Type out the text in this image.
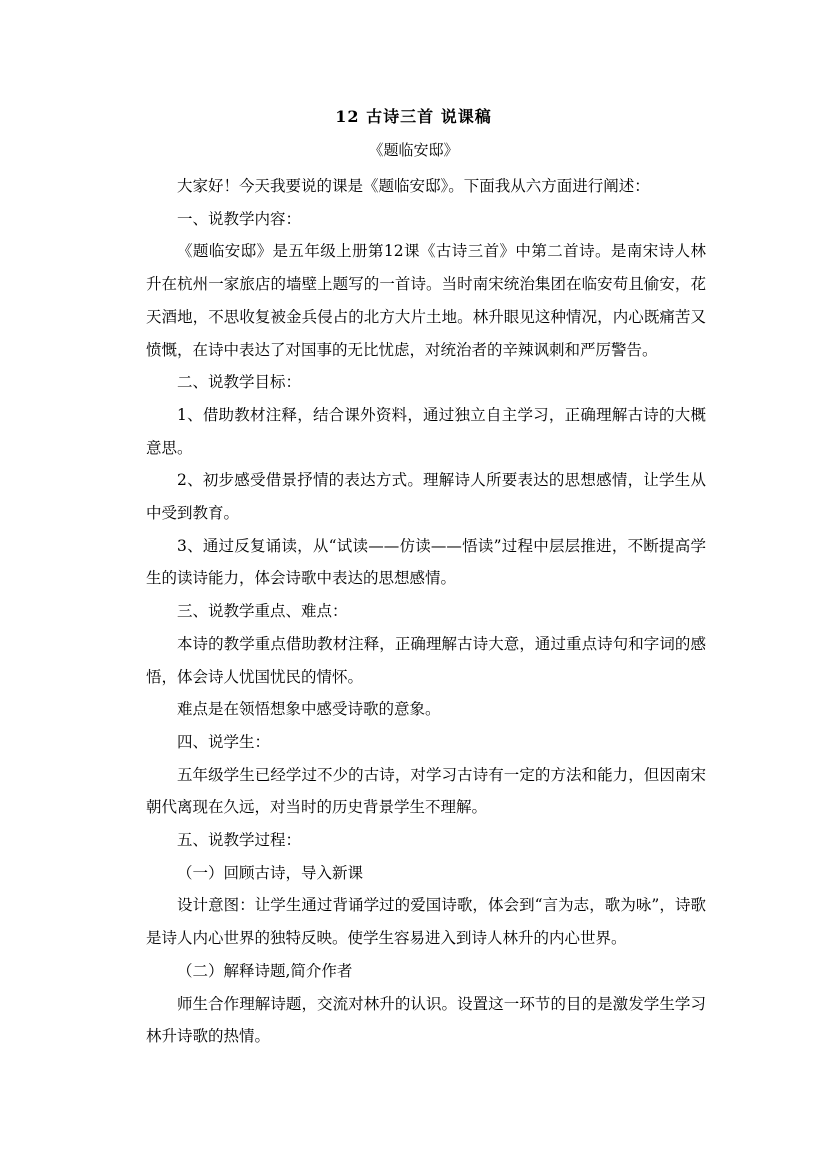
12 古诗三首 说课稿
《题临安邸》

大家好！今天我要说的课是《题临安邸》。下面我从六方面进行阐述：

一、说教学内容：

《题临安邸》是五年级上册第12课《古诗三首》中第二首诗。是南宋诗人林升在杭州一家旅店的墙壁上题写的一首诗。当时南宋统治集团在临安苟且偷安，花天酒地，不思收复被金兵侵占的北方大片土地。林升眼见这种情况，内心既痛苦又愤慨，在诗中表达了对国事的无比忧虑，对统治者的辛辣讽刺和严厉警告。

二、说教学目标：

1、借助教材注释，结合课外资料，通过独立自主学习，正确理解古诗的大概意思。

2、初步感受借景抒情的表达方式。理解诗人所要表达的思想感情，让学生从中受到教育。

3、通过反复诵读，从“试读——仿读——悟读”过程中层层推进，不断提高学生的读诗能力，体会诗歌中表达的思想感情。

三、说教学重点、难点：

本诗的教学重点借助教材注释，正确理解古诗大意，通过重点诗句和字词的感悟，体会诗人忧国忧民的情怀。

难点是在领悟想象中感受诗歌的意象。

四、说学生：

五年级学生已经学过不少的古诗，对学习古诗有一定的方法和能力，但因南宋朝代离现在久远，对当时的历史背景学生不理解。

五、说教学过程：

（一）回顾古诗，导入新课

设计意图：让学生通过背诵学过的爱国诗歌，体会到“言为志，歌为咏”，诗歌是诗人内心世界的独特反映。使学生容易进入到诗人林升的内心世界。

（二）解释诗题,简介作者

师生合作理解诗题，交流对林升的认识。设置这一环节的目的是激发学生学习林升诗歌的热情。
